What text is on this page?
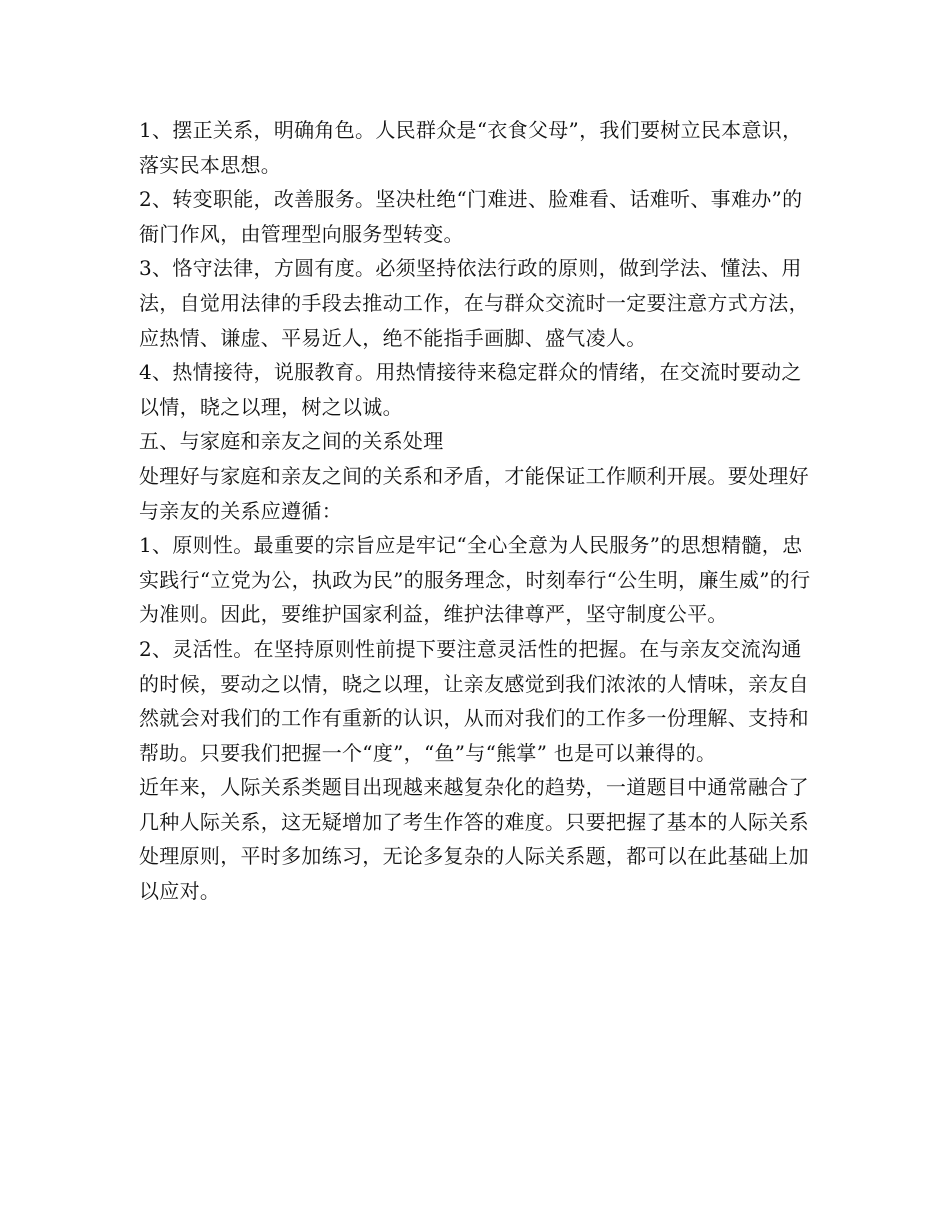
1、摆正关系，明确角色。人民群众是“衣食父母”，我们要树立民本意识，落实民本思想。

2、转变职能，改善服务。坚决杜绝“门难进、脸难看、话难听、事难办”的衙门作风，由管理型向服务型转变。

3、恪守法律，方圆有度。必须坚持依法行政的原则，做到学法、懂法、用法，自觉用法律的手段去推动工作，在与群众交流时一定要注意方式方法，应热情、谦虚、平易近人，绝不能指手画脚、盛气凌人。

4、热情接待，说服教育。用热情接待来稳定群众的情绪，在交流时要动之以情，晓之以理，树之以诚。

五、与家庭和亲友之间的关系处理

处理好与家庭和亲友之间的关系和矛盾，才能保证工作顺利开展。要处理好与亲友的关系应遵循：

1、原则性。最重要的宗旨应是牢记“全心全意为人民服务”的思想精髓，忠实践行“立党为公，执政为民”的服务理念，时刻奉行“公生明，廉生威”的行为准则。因此，要维护国家利益，维护法律尊严，坚守制度公平。

2、灵活性。在坚持原则性前提下要注意灵活性的把握。在与亲友交流沟通的时候，要动之以情，晓之以理，让亲友感觉到我们浓浓的人情味，亲友自然就会对我们的工作有重新的认识，从而对我们的工作多一份理解、支持和帮助。只要我们把握一个“度”，“鱼”与“熊掌” 也是可以兼得的。

近年来，人际关系类题目出现越来越复杂化的趋势，一道题目中通常融合了几种人际关系，这无疑增加了考生作答的难度。只要把握了基本的人际关系处理原则，平时多加练习，无论多复杂的人际关系题，都可以在此基础上加以应对。
